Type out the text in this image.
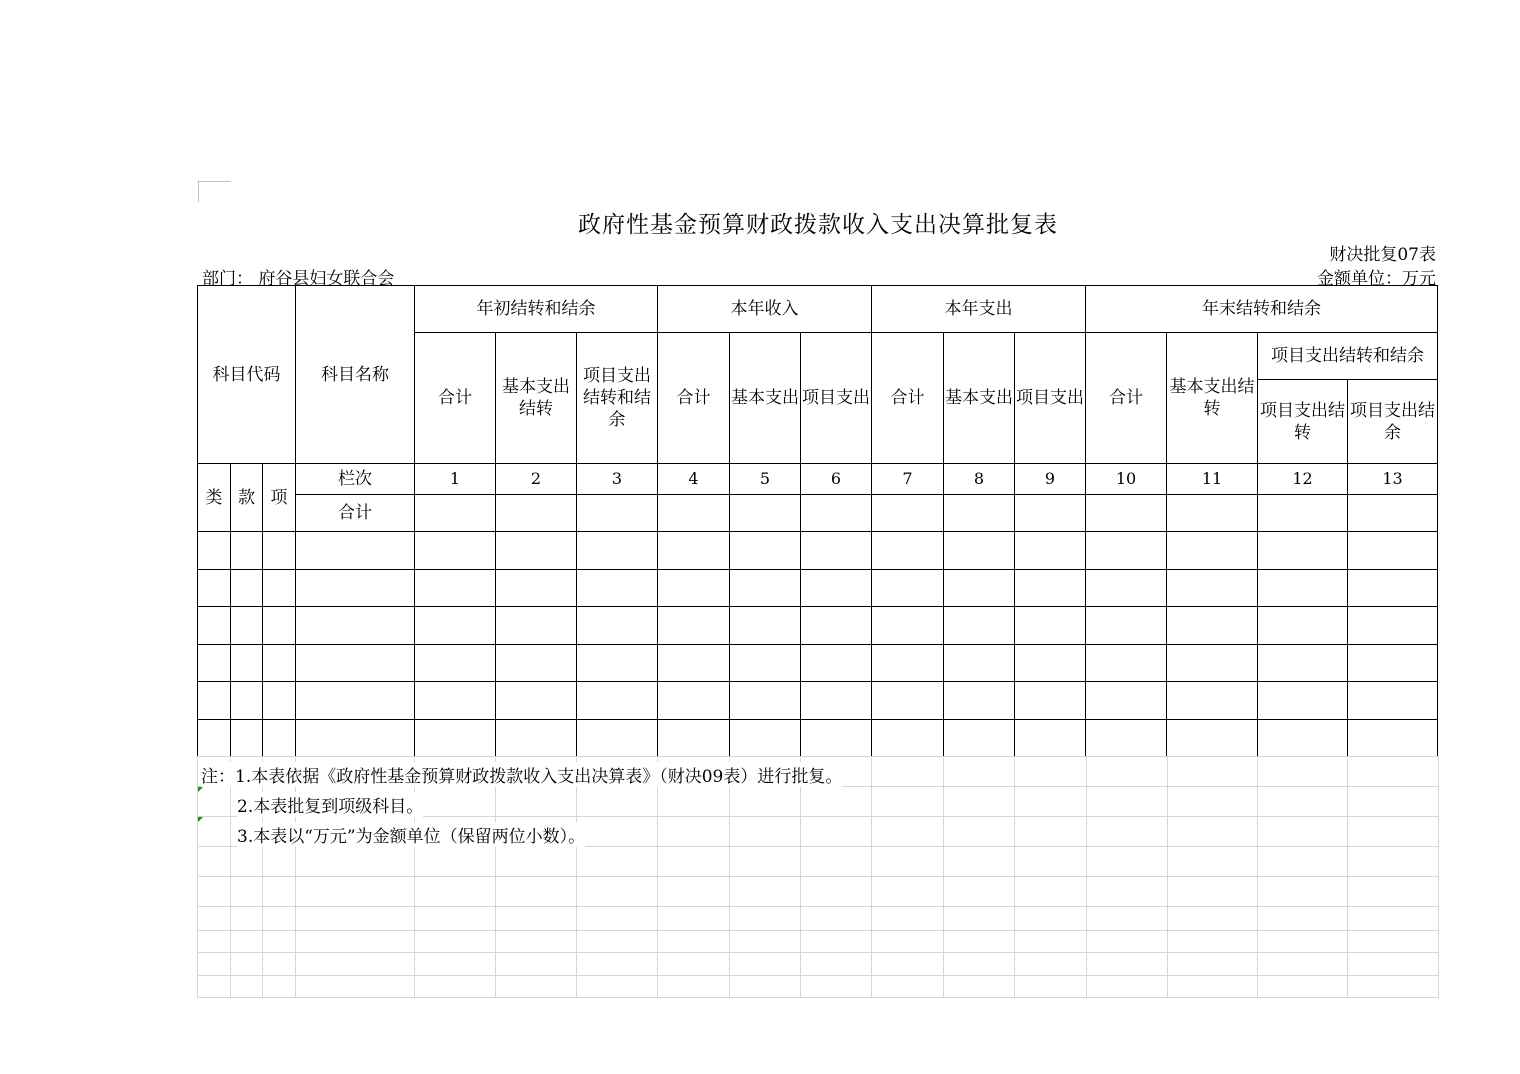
政府性基金预算财政拨款收入支出决算批复表
财决批复07表
部门： 府谷县妇女联合会	金额单位：万元
科目代码			科目名称	年初结转和结余			本年收入			本年支出			年末结转和结余			
				合计	基本支出结转	项目支出结转和结余	合计	基本支出	项目支出	合计	基本支出	项目支出	合计	基本支出结转	项目支出结转和结余	
															项目支出结转	项目支出结余
类	款	项	栏次	1	2	3	4	5	6	7	8	9	10	11	12	13
			合计													

注：1.本表依据《政府性基金预算财政拨款收入支出决算表》（财决09表）进行批复。
2.本表批复到项级科目。
3.本表以“万元”为金额单位（保留两位小数）。
